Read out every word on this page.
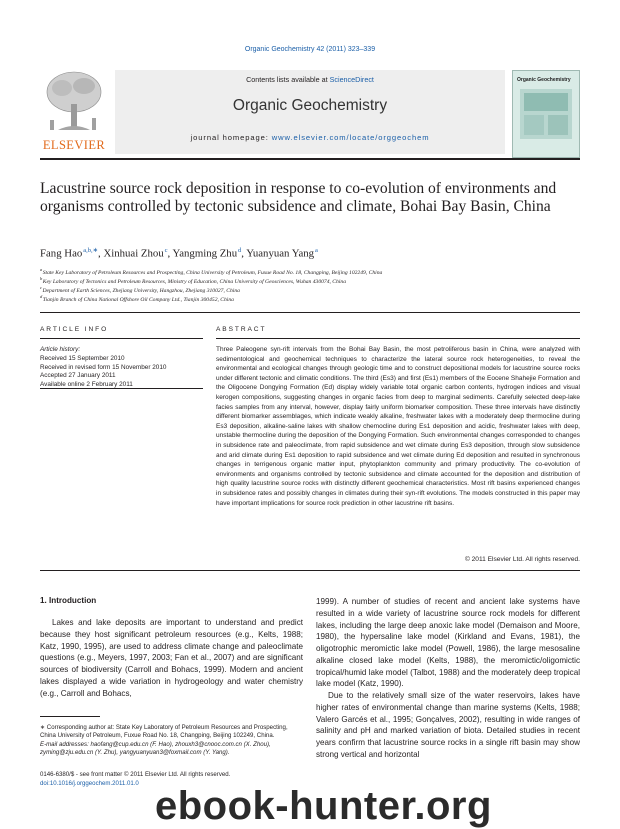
Organic Geochemistry 42 (2011) 323–339
ELSEVIER
Contents lists available at ScienceDirect
Organic Geochemistry
journal homepage: www.elsevier.com/locate/orggeochem
Organic Geochemistry
Lacustrine source rock deposition in response to co-evolution of environments and organisms controlled by tectonic subsidence and climate, Bohai Bay Basin, China
Fang Hao $^{a,b,∗}$, Xinhuai Zhou $^c$, Yangming Zhu $^d$, Yuanyuan Yang $^a$
$^a$ State Key Laboratory of Petroleum Resources and Prospecting, China University of Petroleum, Fuxue Road No. 18, Changping, Beijing 102249, China
$^b$ Key Laboratory of Tectonics and Petroleum Resources, Ministry of Education, China University of Geosciences, Wuhan 430074, China
$^c$ Department of Earth Sciences, Zhejiang University, Hangzhou, Zhejiang 310027, China
$^d$ Tianjin Branch of China National Offshore Oil Company Ltd., Tianjin 300452, China
ARTICLE INFO	ABSTRACT
Article history:
Received 15 September 2010
Received in revised form 15 November 2010
Accepted 27 January 2011
Available online 2 February 2011
Three Paleogene syn-rift intervals from the Bohai Bay Basin, the most petroliferous basin in China, were analyzed with sedimentological and geochemical techniques to characterize the lateral source rock heterogeneities, to reveal the environmental and ecological changes through geologic time and to construct depositional models for lacustrine source rocks under different tectonic and climatic conditions. The third (Es3) and first (Es1) members of the Eocene Shahejie Formation and the Oligocene Dongying Formation (Ed) display widely variable total organic carbon contents, hydrogen indices and visual kerogen compositions, suggesting changes in organic facies from deep to marginal sediments. Carefully selected deep-lake facies samples from any interval, however, display fairly uniform biomarker composition. These three intervals have distinctly different biomarker assemblages, which indicate weakly alkaline, freshwater lakes with a moderately deep thermocline during Es3 deposition, alkaline-saline lakes with shallow chemocline during Es1 deposition and acidic, freshwater lakes with deep, unstable thermocline during the deposition of the Dongying Formation. Such environmental changes corresponded to changes in subsidence rate and paleoclimate, from rapid subsidence and wet climate during Es3 deposition, through slow subsidence and arid climate during Es1 deposition to rapid subsidence and wet climate during Ed deposition and resulted in synchronous changes in terrigenous organic matter input, phytoplankton community and primary productivity. The co-evolution of environments and organisms controlled by tectonic subsidence and climate accounted for the deposition and distribution of high quality lacustrine source rocks with distinctly different geochemical characteristics. Most rift basins experienced changes in subsidence rates and possibly changes in climates during their syn-rift evolutions. The models constructed in this paper may have important implications for source rock prediction in other lacustrine rift basins.
© 2011 Elsevier Ltd. All rights reserved.
1. Introduction

Lakes and lake deposits are important to understand and predict because they host significant petroleum resources (e.g., Kelts, 1988; Katz, 1990, 1995), are used to address climate change and paleoclimate questions (e.g., Meyers, 1997, 2003; Fan et al., 2007) and are significant sources of biodiversity (Carroll and Bohacs, 1999). Modern and ancient lakes displayed a wide variation in hydrogeology and water chemistry (e.g., Carroll and Bohacs,

1999). A number of studies of recent and ancient lake systems have resulted in a wide variety of lacustrine source rock models for different lakes, including the large deep anoxic lake model (Demaison and Moore, 1980), the hypersaline lake model (Kirkland and Evans, 1981), the oligotrophic meromictic lake model (Powell, 1986), the large mesosaline alkaline closed lake model (Kelts, 1988), the meromictic/oligomictic tropical/humid lake model (Talbot, 1988) and the moderately deep tropical lake model (Katz, 1990).

Due to the relatively small size of the water reservoirs, lakes have higher rates of environmental change than marine systems (Kelts, 1988; Valero Garcés et al., 1995; Gonçalves, 2002), resulting in wide ranges of salinity and pH and marked variation of biota. Detailed studies in recent years confirm that lacustrine source rocks in a single rift basin may show strong vertical and horizontal

∗ Corresponding author at: State Key Laboratory of Petroleum Resources and Prospecting, China University of Petroleum, Fuxue Road No. 18, Changping, Beijing 102249, China.
E-mail addresses: haofang@cup.edu.cn (F. Hao), zhouxh3@cnooc.com.cn (X. Zhou), zyming@zju.edu.cn (Y. Zhu), yangyuanyuan3@foxmail.com (Y. Yang).
0146-6380/$ - see front matter © 2011 Elsevier Ltd. All rights reserved.
doi:10.1016/j.orggeochem.2011.01.0
ebook-hunter.org
